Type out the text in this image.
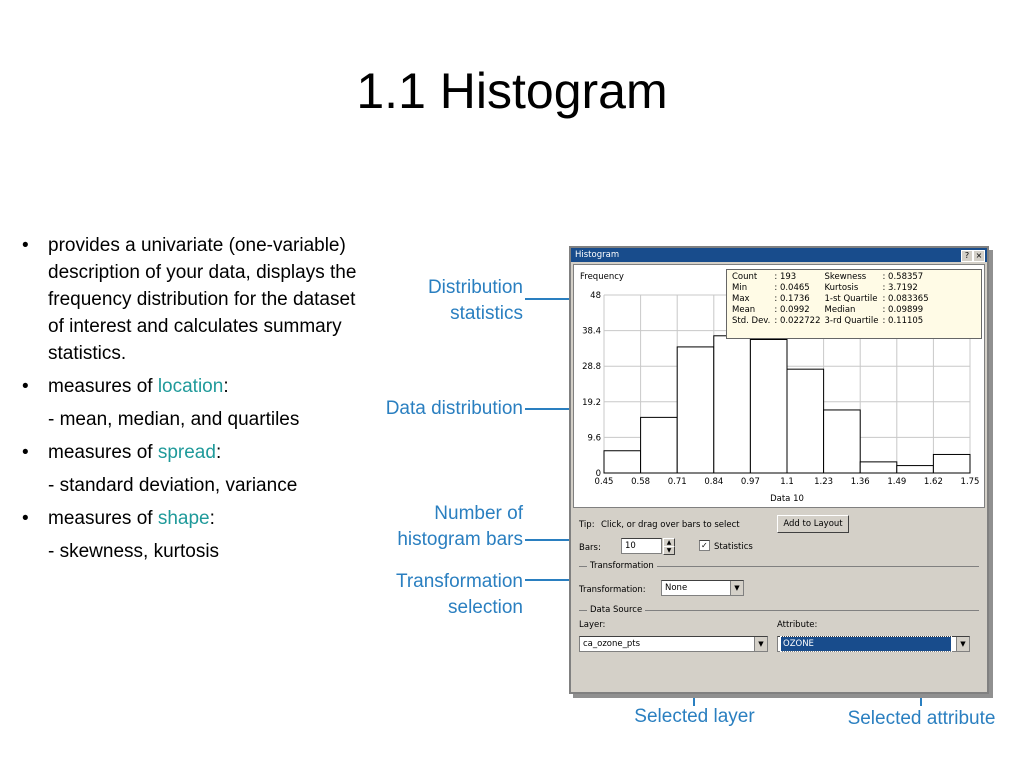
1.1 Histogram
• provides a univariate (one-variable) description of your data, displays the frequency distribution for the dataset of interest and calculates summary statistics.
• measures of location:
- mean, median, and quartiles
• measures of spread:
- standard deviation, variance
• measures of shape:
- skewness, kurtosis
Distribution statistics
Data distribution
Number of histogram bars
Transformation selection
Selected layer	Selected attribute
Histogram	? ×
0
9.6
19.2
28.8
38.4
48
0.45 0.58 0.71 0.84 0.97 1.1 1.23 1.36 1.49 1.62 1.75
Frequency
Data 10
Count	: 193	Skewness	: 0.58357
Min	: 0.0465	Kurtosis	: 3.7192
Max	: 0.1736	1-st Quartile	: 0.083365
Mean	: 0.0992	Median	: 0.09899
Std. Dev.	: 0.022722	3-rd Quartile	: 0.11105
Tip: Click, or drag over bars to select	Add to Layout
Bars:	10	▲
▼
✓ Statistics
Transformation
Transformation:	None	▼
Data Source
Layer:
ca_ozone_pts	▼
Attribute:
OZONE	▼
